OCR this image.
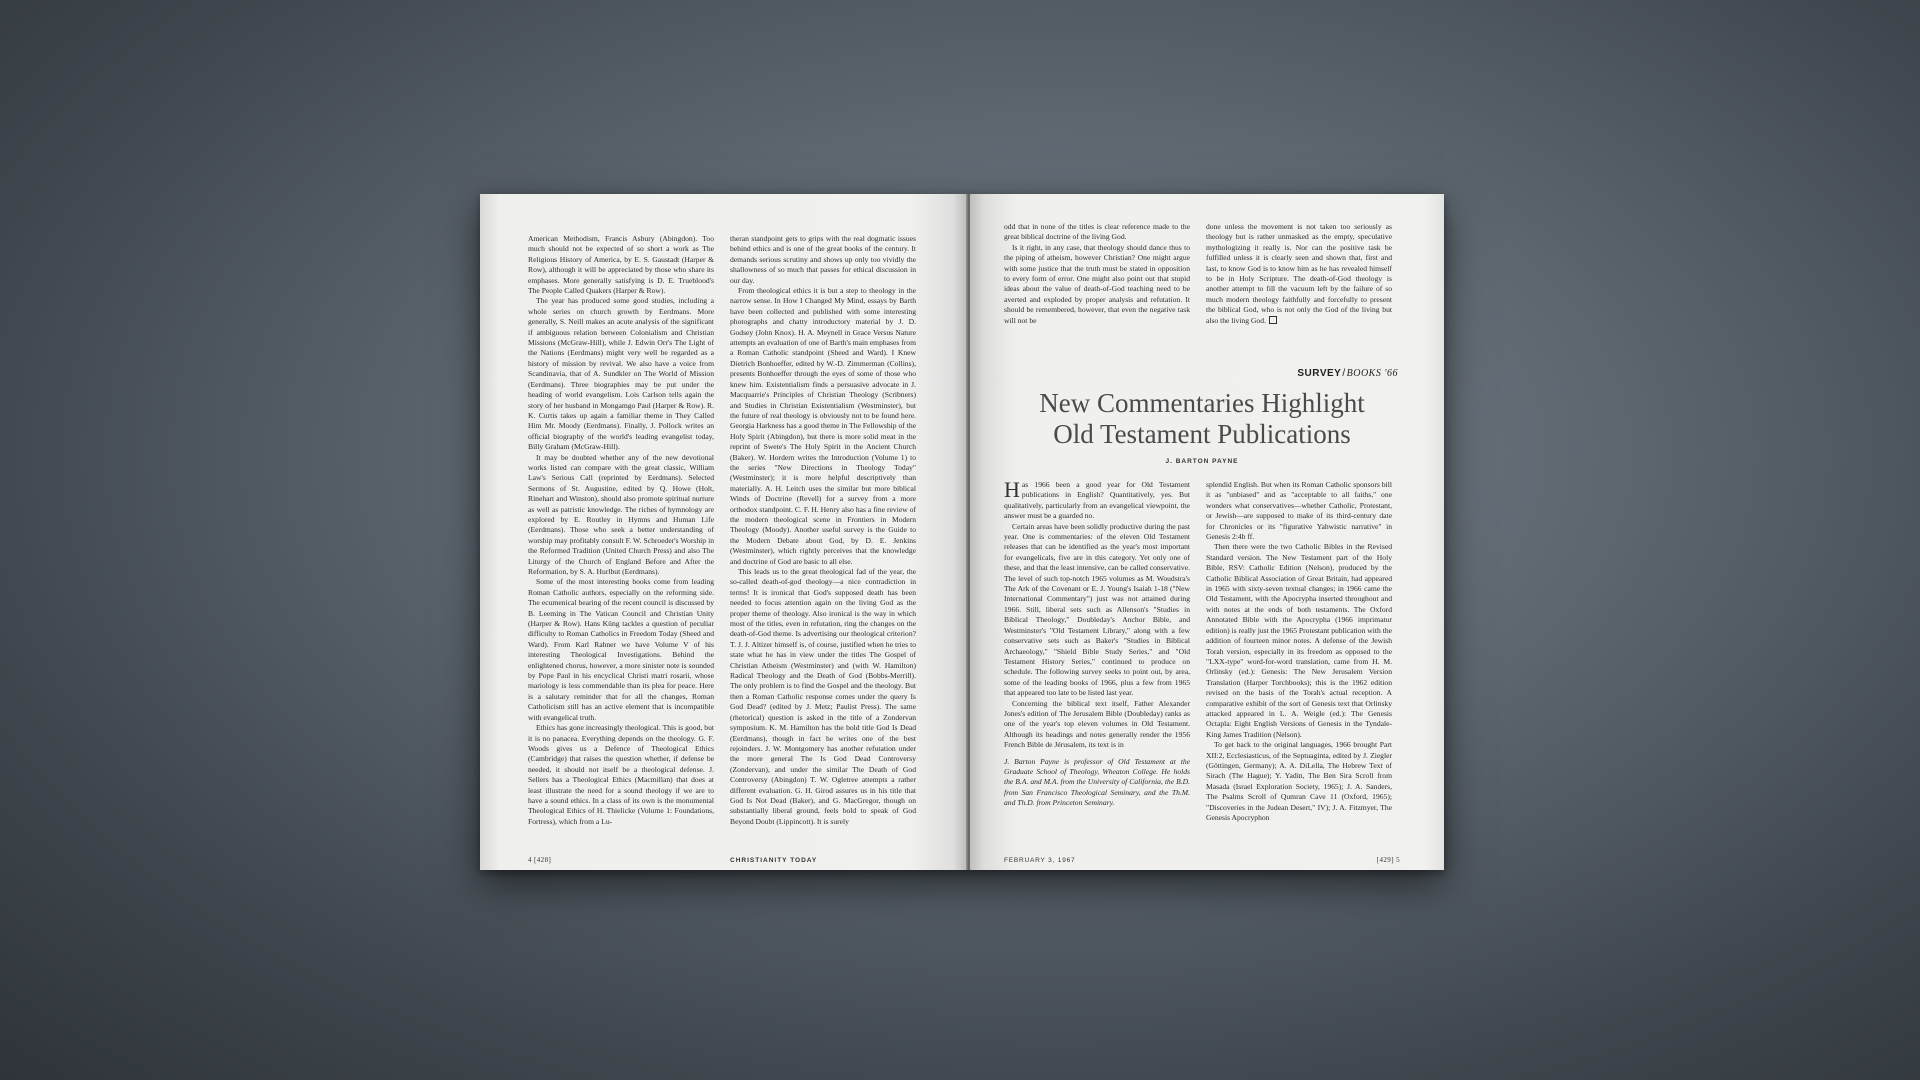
American Methodism, Francis Asbury (Abingdon). Too much should not be expected of so short a work as The Religious History of America, by E. S. Gaustadt (Harper & Row), although it will be appreciated by those who share its emphases. More generally satisfying is D. E. Trueblood's The People Called Quakers (Harper & Row).

The year has produced some good studies, including a whole series on church growth by Eerdmans. More generally, S. Neill makes an acute analysis of the significant if ambiguous relation between Colonialism and Christian Missions (McGraw-Hill), while J. Edwin Orr's The Light of the Nations (Eerdmans) might very well be regarded as a history of mission by revival. We also have a voice from Scandinavia, that of A. Sundkler on The World of Mission (Eerdmans). Three biographies may be put under the heading of world evangelism. Lois Carlson tells again the story of her husband in Mongamgo Paul (Harper & Row). R. K. Curtis takes up again a familiar theme in They Called Him Mr. Moody (Eerdmans). Finally, J. Pollock writes an official biography of the world's leading evangelist today, Billy Graham (McGraw-Hill).

It may be doubted whether any of the new devotional works listed can compare with the great classic, William Law's Serious Call (reprinted by Eerdmans). Selected Sermons of St. Augustine, edited by Q. Howe (Holt, Rinehart and Winston), should also promote spiritual nurture as well as patristic knowledge. The riches of hymnology are explored by E. Routley in Hymns and Human Life (Eerdmans). Those who seek a better understanding of worship may profitably consult F. W. Schroeder's Worship in the Reformed Tradition (United Church Press) and also The Liturgy of the Church of England Before and After the Reformation, by S. A. Hurlbut (Eerdmans).

Some of the most interesting books come from leading Roman Catholic authors, especially on the reforming side. The ecumenical bearing of the recent council is discussed by B. Leeming in The Vatican Council and Christian Unity (Harper & Row). Hans Küng tackles a question of peculiar difficulty to Roman Catholics in Freedom Today (Sheed and Ward). From Karl Rahner we have Volume V of his interesting Theological Investigations. Behind the enlightened chorus, however, a more sinister note is sounded by Pope Paul in his encyclical Christi matri rosarii, whose mariology is less commendable than its plea for peace. Here is a salutary reminder that for all the changes, Roman Catholicism still has an active element that is incompatible with evangelical truth.

Ethics has gone increasingly theological. This is good, but it is no panacea. Everything depends on the theology. G. F. Woods gives us a Defence of Theological Ethics (Cambridge) that raises the question whether, if defense be needed, it should not itself be a theological defense. J. Sellers has a Theological Ethics (Macmillan) that does at least illustrate the need for a sound theology if we are to have a sound ethics. In a class of its own is the monumental Theological Ethics of H. Thielicke (Volume 1: Foundations, Fortress), which from a Lu-

theran standpoint gets to grips with the real dogmatic issues behind ethics and is one of the great books of the century. It demands serious scrutiny and shows up only too vividly the shallowness of so much that passes for ethical discussion in our day.

From theological ethics it is but a step to theology in the narrow sense. In How I Changed My Mind, essays by Barth have been collected and published with some interesting photographs and chatty introductory material by J. D. Godsey (John Knox). H. A. Meynell in Grace Versus Nature attempts an evaluation of one of Barth's main emphases from a Roman Catholic standpoint (Sheed and Ward). I Knew Dietrich Bonhoeffer, edited by W.-D. Zimmerman (Collins), presents Bonhoeffer through the eyes of some of those who knew him. Existentialism finds a persuasive advocate in J. Macquarrie's Principles of Christian Theology (Scribners) and Studies in Christian Existentialism (Westminster), but the future of real theology is obviously not to be found here. Georgia Harkness has a good theme in The Fellowship of the Holy Spirit (Abingdon), but there is more solid meat in the reprint of Swete's The Holy Spirit in the Ancient Church (Baker). W. Hordern writes the Introduction (Volume 1) to the series "New Directions in Theology Today" (Westminster); it is more helpful descriptively than materially. A. H. Leitch uses the similar but more biblical Winds of Doctrine (Revell) for a survey from a more orthodox standpoint. C. F. H. Henry also has a fine review of the modern theological scene in Frontiers in Modern Theology (Moody). Another useful survey is the Guide to the Modern Debate about God, by D. E. Jenkins (Westminster), which rightly perceives that the knowledge and doctrine of God are basic to all else.

This leads us to the great theological fad of the year, the so-called death-of-god theology—a nice contradiction in terms! It is ironical that God's supposed death has been needed to focus attention again on the living God as the proper theme of theology. Also ironical is the way in which most of the titles, even in refutation, ring the changes on the death-of-God theme. Is advertising our theological criterion? T. J. J. Altizer himself is, of course, justified when he tries to state what he has in view under the titles The Gospel of Christian Atheism (Westminster) and (with W. Hamilton) Radical Theology and the Death of God (Bobbs-Merrill). The only problem is to find the Gospel and the theology. But then a Roman Catholic response comes under the query Is God Dead? (edited by J. Metz; Paulist Press). The same (rhetorical) question is asked in the title of a Zondervan symposium. K. M. Hamilton has the bold title God Is Dead (Eerdmans), though in fact he writes one of the best rejoinders. J. W. Montgomery has another refutation under the more general The Is God Dead Controversy (Zondervan), and under the similar The Death of God Controversy (Abingdon) T. W. Ogletree attempts a rather different evaluation. G. H. Girod assures us in his title that God Is Not Dead (Baker), and G. MacGregor, though on substantially liberal ground, feels bold to speak of God Beyond Doubt (Lippincott). It is surely

4 [428]	CHRISTIANITY TODAY

odd that in none of the titles is clear reference made to the great biblical doctrine of the living God.

Is it right, in any case, that theology should dance thus to the piping of atheism, however Christian? One might argue with some justice that the truth must be stated in opposition to every form of error. One might also point out that stupid ideas about the value of death-of-God teaching need to be averted and exploded by proper analysis and refutation. It should be remembered, however, that even the negative task will not be

done unless the movement is not taken too seriously as theology but is rather unmasked as the empty, speculative mythologizing it really is. Nor can the positive task be fulfilled unless it is clearly seen and shown that, first and last, to know God is to know him as he has revealed himself to be in Holy Scripture. The death-of-God theology is another attempt to fill the vacuum left by the failure of so much modern theology faithfully and forcefully to present the biblical God, who is not only the God of the living but also the living God.

SURVEY/BOOKS '66
New Commentaries Highlight
Old Testament Publications
J. BARTON PAYNE

Has 1966 been a good year for Old Testament publications in English? Quantitatively, yes. But qualitatively, particularly from an evangelical viewpoint, the answer must be a guarded no.

Certain areas have been solidly productive during the past year. One is commentaries: of the eleven Old Testament releases that can be identified as the year's most important for evangelicals, five are in this category. Yet only one of these, and that the least intensive, can be called conservative. The level of such top-notch 1965 volumes as M. Woudstra's The Ark of the Covenant or E. J. Young's Isaiah 1-18 ("New International Commentary") just was not attained during 1966. Still, liberal sets such as Allenson's "Studies in Biblical Theology," Doubleday's Anchor Bible, and Westminster's "Old Testament Library," along with a few conservative sets such as Baker's "Studies in Biblical Archaeology," "Shield Bible Study Series," and "Old Testament History Series," continued to produce on schedule. The following survey seeks to point out, by area, some of the leading books of 1966, plus a few from 1965 that appeared too late to be listed last year.

Concerning the biblical text itself, Father Alexander Jones's edition of The Jerusalem Bible (Doubleday) ranks as one of the year's top eleven volumes in Old Testament. Although its headings and notes generally render the 1956 French Bible de Jérusalem, its text is in

J. Barton Payne is professor of Old Testament at the Graduate School of Theology, Wheaton College. He holds the B.A. and M.A. from the University of California, the B.D. from San Francisco Theological Seminary, and the Th.M. and Th.D. from Princeton Seminary.

splendid English. But when its Roman Catholic sponsors bill it as "unbiased" and as "acceptable to all faiths," one wonders what conservatives—whether Catholic, Protestant, or Jewish—are supposed to make of its third-century date for Chronicles or its "figurative Yahwistic narrative" in Genesis 2:4b ff.

Then there were the two Catholic Bibles in the Revised Standard version. The New Testament part of the Holy Bible, RSV: Catholic Edition (Nelson), produced by the Catholic Biblical Association of Great Britain, had appeared in 1965 with sixty-seven textual changes; in 1966 came the Old Testament, with the Apocrypha inserted throughout and with notes at the ends of both testaments. The Oxford Annotated Bible with the Apocrypha (1966 imprimatur edition) is really just the 1965 Protestant publication with the addition of fourteen minor notes. A defense of the Jewish Torah version, especially in its freedom as opposed to the "LXX-type" word-for-word translation, came from H. M. Orlinsky (ed.): Genesis: The New Jerusalem Version Translation (Harper Torchbooks); this is the 1962 edition revised on the basis of the Torah's actual reception. A comparative exhibit of the sort of Genesis text that Orlinsky attacked appeared in L. A. Weigle (ed.): The Genesis Octapla: Eight English Versions of Genesis in the Tyndale-King James Tradition (Nelson).

To get back to the original languages, 1966 brought Part XII:2, Ecclesiasticus, of the Septuaginta, edited by J. Ziegler (Göttingen, Germany); A. A. DiLella, The Hebrew Text of Sirach (The Hague); Y. Yadin, The Ben Sira Scroll from Masada (Israel Exploration Society, 1965); J. A. Sanders, The Psalms Scroll of Qumran Cave 11 (Oxford, 1965); "Discoveries in the Judean Desert," IV); J. A. Fitzmyer, The Genesis Apocryphon

FEBRUARY 3, 1967	[429] 5
